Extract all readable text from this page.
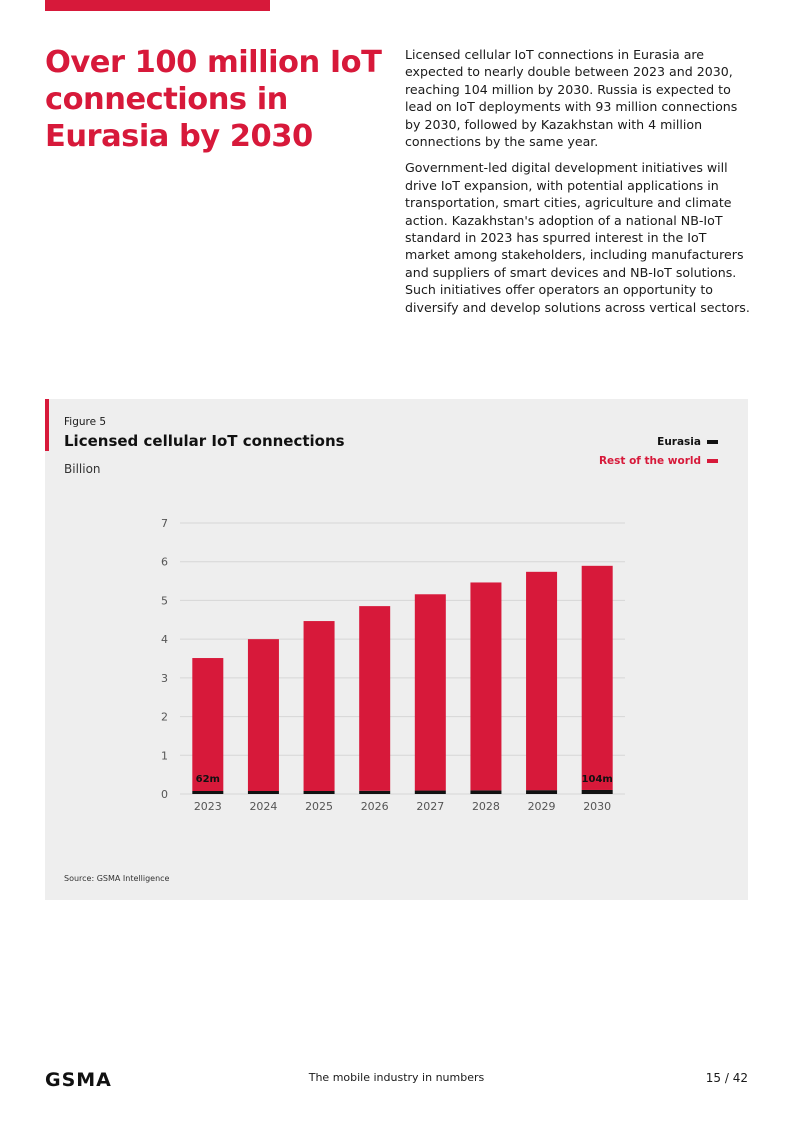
Over 100 million IoT connections in Eurasia by 2030

Licensed cellular IoT connections in Eurasia are expected to nearly double between 2023 and 2030, reaching 104 million by 2030. Russia is expected to lead on IoT deployments with 93 million connections by 2030, followed by Kazakhstan with 4 million connections by the same year.

Government-led digital development initiatives will drive IoT expansion, with potential applications in transportation, smart cities, agriculture and climate action. Kazakhstan's adoption of a national NB-IoT standard in 2023 has spurred interest in the IoT market among stakeholders, including manufacturers and suppliers of smart devices and NB-IoT solutions. Such initiatives offer operators an opportunity to diversify and develop solutions across vertical sectors.

0
1
2
3
4
5
6
7
2023	2024	2025	2026	2027	2028	2029	2030
62m	104m
Figure 5
Licensed cellular IoT connections
Billion
Eurasia
Rest of the world
Source: GSMA Intelligence
GSMA	The mobile industry in numbers	15 / 42
